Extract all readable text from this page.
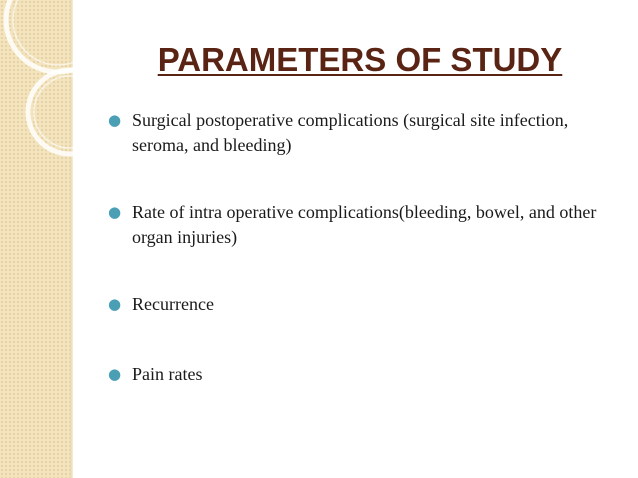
PARAMETERS OF STUDY
● Surgical postoperative complications (surgical site infection, seroma, and bleeding)
● Rate of intra operative complications(bleeding, bowel, and other organ injuries)
● Recurrence
● Pain rates
